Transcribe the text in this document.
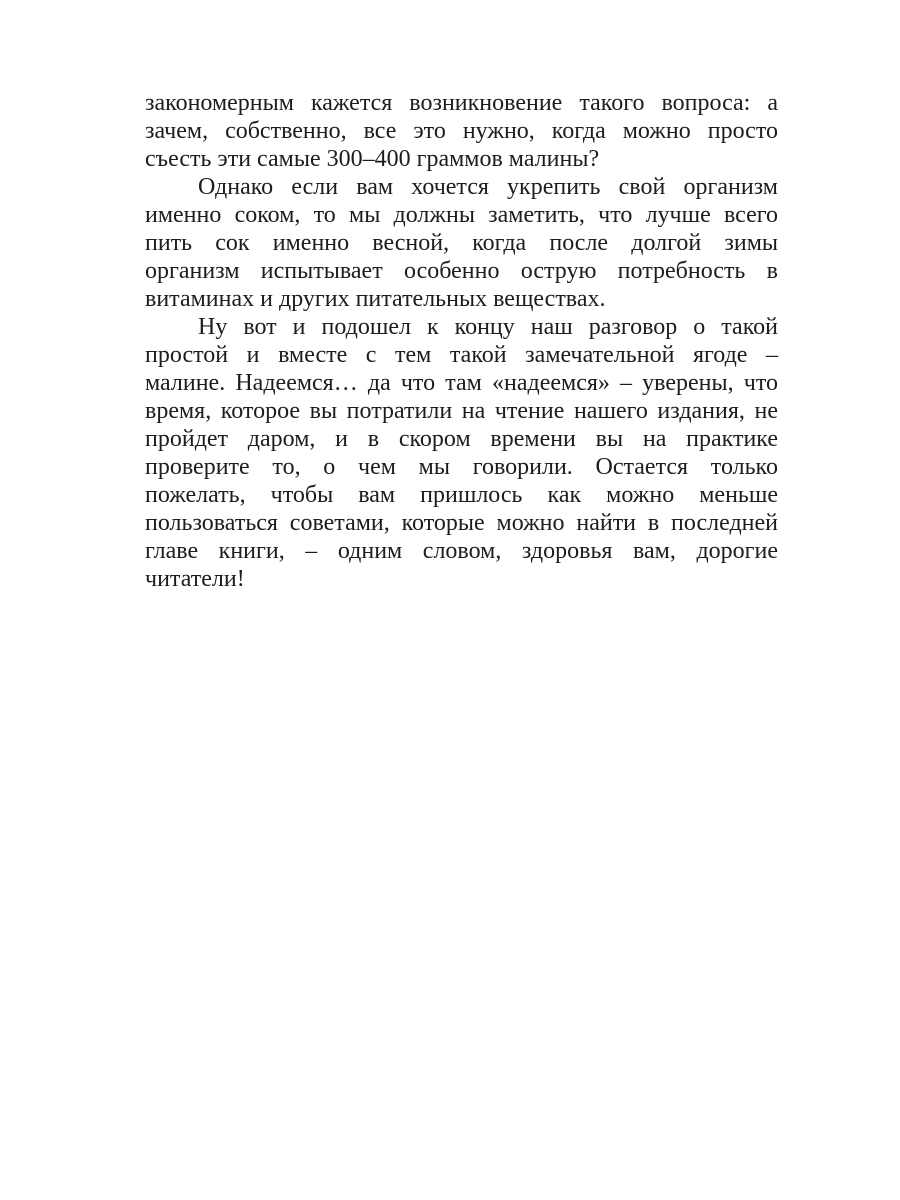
закономерным кажется возникновение такого вопроса: а
зачем, собственно, все это нужно, когда можно просто
съесть эти самые 300–400 граммов малины?
Однако если вам хочется укрепить свой организм
именно соком, то мы должны заметить, что лучше всего
пить сок именно весной, когда после долгой зимы
организм испытывает особенно острую потребность в
витаминах и других питательных веществах.
Ну вот и подошел к концу наш разговор о такой
простой и вместе с тем такой замечательной ягоде –
малине. Надеемся… да что там «надеемся» – уверены, что
время, которое вы потратили на чтение нашего издания, не
пройдет даром, и в скором времени вы на практике
проверите то, о чем мы говорили. Остается только
пожелать, чтобы вам пришлось как можно меньше
пользоваться советами, которые можно найти в последней
главе книги, – одним словом, здоровья вам, дорогие
читатели!
